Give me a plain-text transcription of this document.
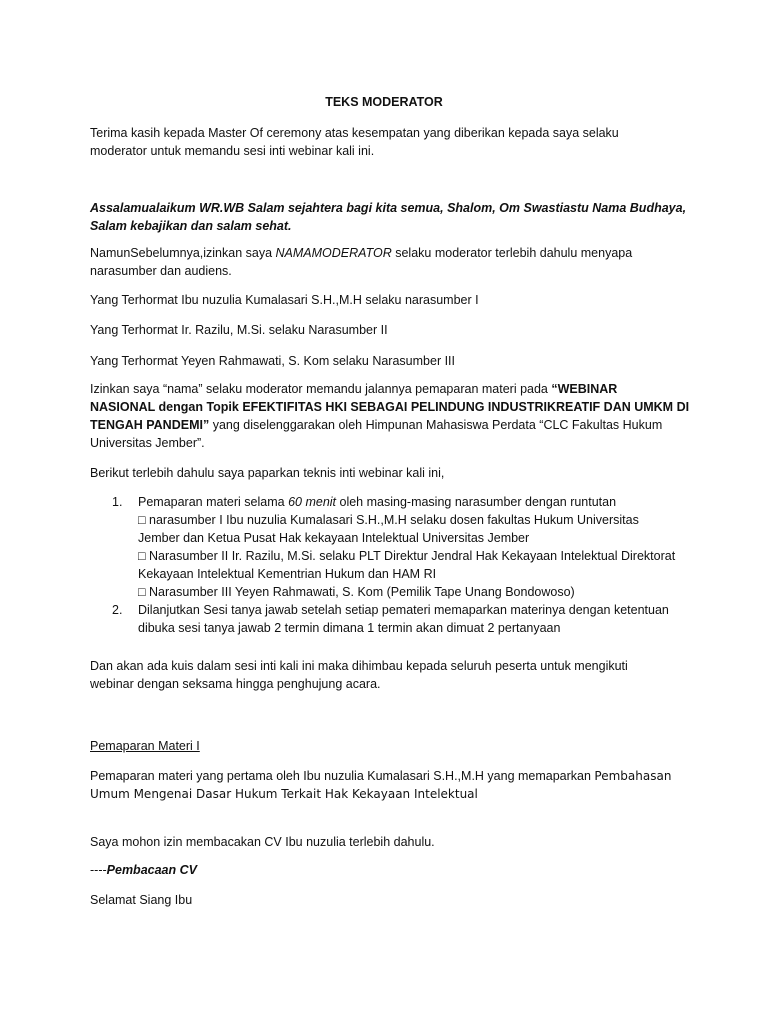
TEKS MODERATOR

Terima kasih kepada Master Of ceremony atas kesempatan yang diberikan kepada saya selaku
moderator untuk memandu sesi inti webinar kali ini.

Assalamualaikum WR.WB Salam sejahtera bagi kita semua, Shalom, Om Swastiastu Nama Budhaya,
Salam kebajikan dan salam sehat.

NamunSebelumnya,izinkan saya NAMAMODERATOR selaku moderator terlebih dahulu menyapa
narasumber dan audiens.

Yang Terhormat Ibu nuzulia Kumalasari S.H.,M.H selaku narasumber I

Yang Terhormat Ir. Razilu, M.Si. selaku Narasumber II

Yang Terhormat Yeyen Rahmawati, S. Kom selaku Narasumber III

Izinkan saya “nama” selaku moderator memandu jalannya pemaparan materi pada “WEBINAR
NASIONAL dengan Topik EFEKTIFITAS HKI SEBAGAI PELINDUNG INDUSTRIKREATIF DAN UMKM DI
TENGAH PANDEMI” yang diselenggarakan oleh Himpunan Mahasiswa Perdata “CLC Fakultas Hukum
Universitas Jember”.

Berikut terlebih dahulu saya paparkan teknis inti webinar kali ini,

1. Pemaparan materi selama 60 menit oleh masing-masing narasumber dengan runtutan
□ narasumber I Ibu nuzulia Kumalasari S.H.,M.H selaku dosen fakultas Hukum Universitas
Jember dan Ketua Pusat Hak kekayaan Intelektual Universitas Jember
□ Narasumber II Ir. Razilu, M.Si. selaku PLT Direktur Jendral Hak Kekayaan Intelektual Direktorat
Kekayaan Intelektual Kementrian Hukum dan HAM RI
□ Narasumber III Yeyen Rahmawati, S. Kom (Pemilik Tape Unang Bondowoso)
2. Dilanjutkan Sesi tanya jawab setelah setiap pemateri memaparkan materinya dengan ketentuan
dibuka sesi tanya jawab 2 termin dimana 1 termin akan dimuat 2 pertanyaan

Dan akan ada kuis dalam sesi inti kali ini maka dihimbau kepada seluruh peserta untuk mengikuti
webinar dengan seksama hingga penghujung acara.

Pemaparan Materi I

Pemaparan materi yang pertama oleh Ibu nuzulia Kumalasari S.H.,M.H yang memaparkan Pembahasan
Umum Mengenai Dasar Hukum Terkait Hak Kekayaan Intelektual

Saya mohon izin membacakan CV Ibu nuzulia terlebih dahulu.

----Pembacaan CV

Selamat Siang Ibu
